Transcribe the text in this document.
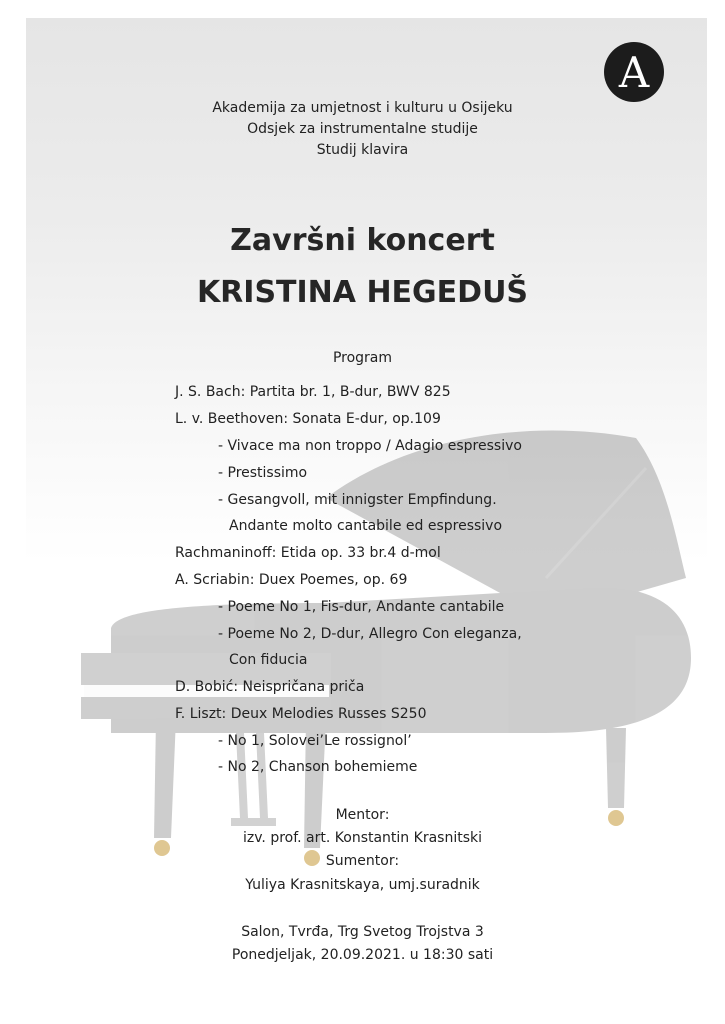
A
Akademija za umjetnost i kulturu u Osijeku
Odsjek za instrumentalne studije
Studij klavira
Završni koncert
KRISTINA HEGEDUŠ
Program
J. S. Bach: Partita br. 1, B-dur, BWV 825
L. v. Beethoven: Sonata E-dur, op.109
- Vivace ma non troppo / Adagio espressivo
- Prestissimo
- Gesangvoll, mit innigster Empfindung.
Andante molto cantabile ed espressivo
Rachmaninoff: Etida op. 33 br.4 d-mol
A. Scriabin: Duex Poemes, op. 69
- Poeme No 1, Fis-dur, Andante cantabile
- Poeme No 2, D-dur, Allegro Con eleganza,
Con fiducia
D. Bobić: Neispričana priča
F. Liszt: Deux Melodies Russes S250
- No 1, Solovei’Le rossignol’
- No 2, Chanson bohemieme
Mentor:
izv. prof. art. Konstantin Krasnitski
Sumentor:
Yuliya Krasnitskaya, umj.suradnik
Salon, Tvrđa, Trg Svetog Trojstva 3
Ponedjeljak, 20.09.2021. u 18:30 sati
